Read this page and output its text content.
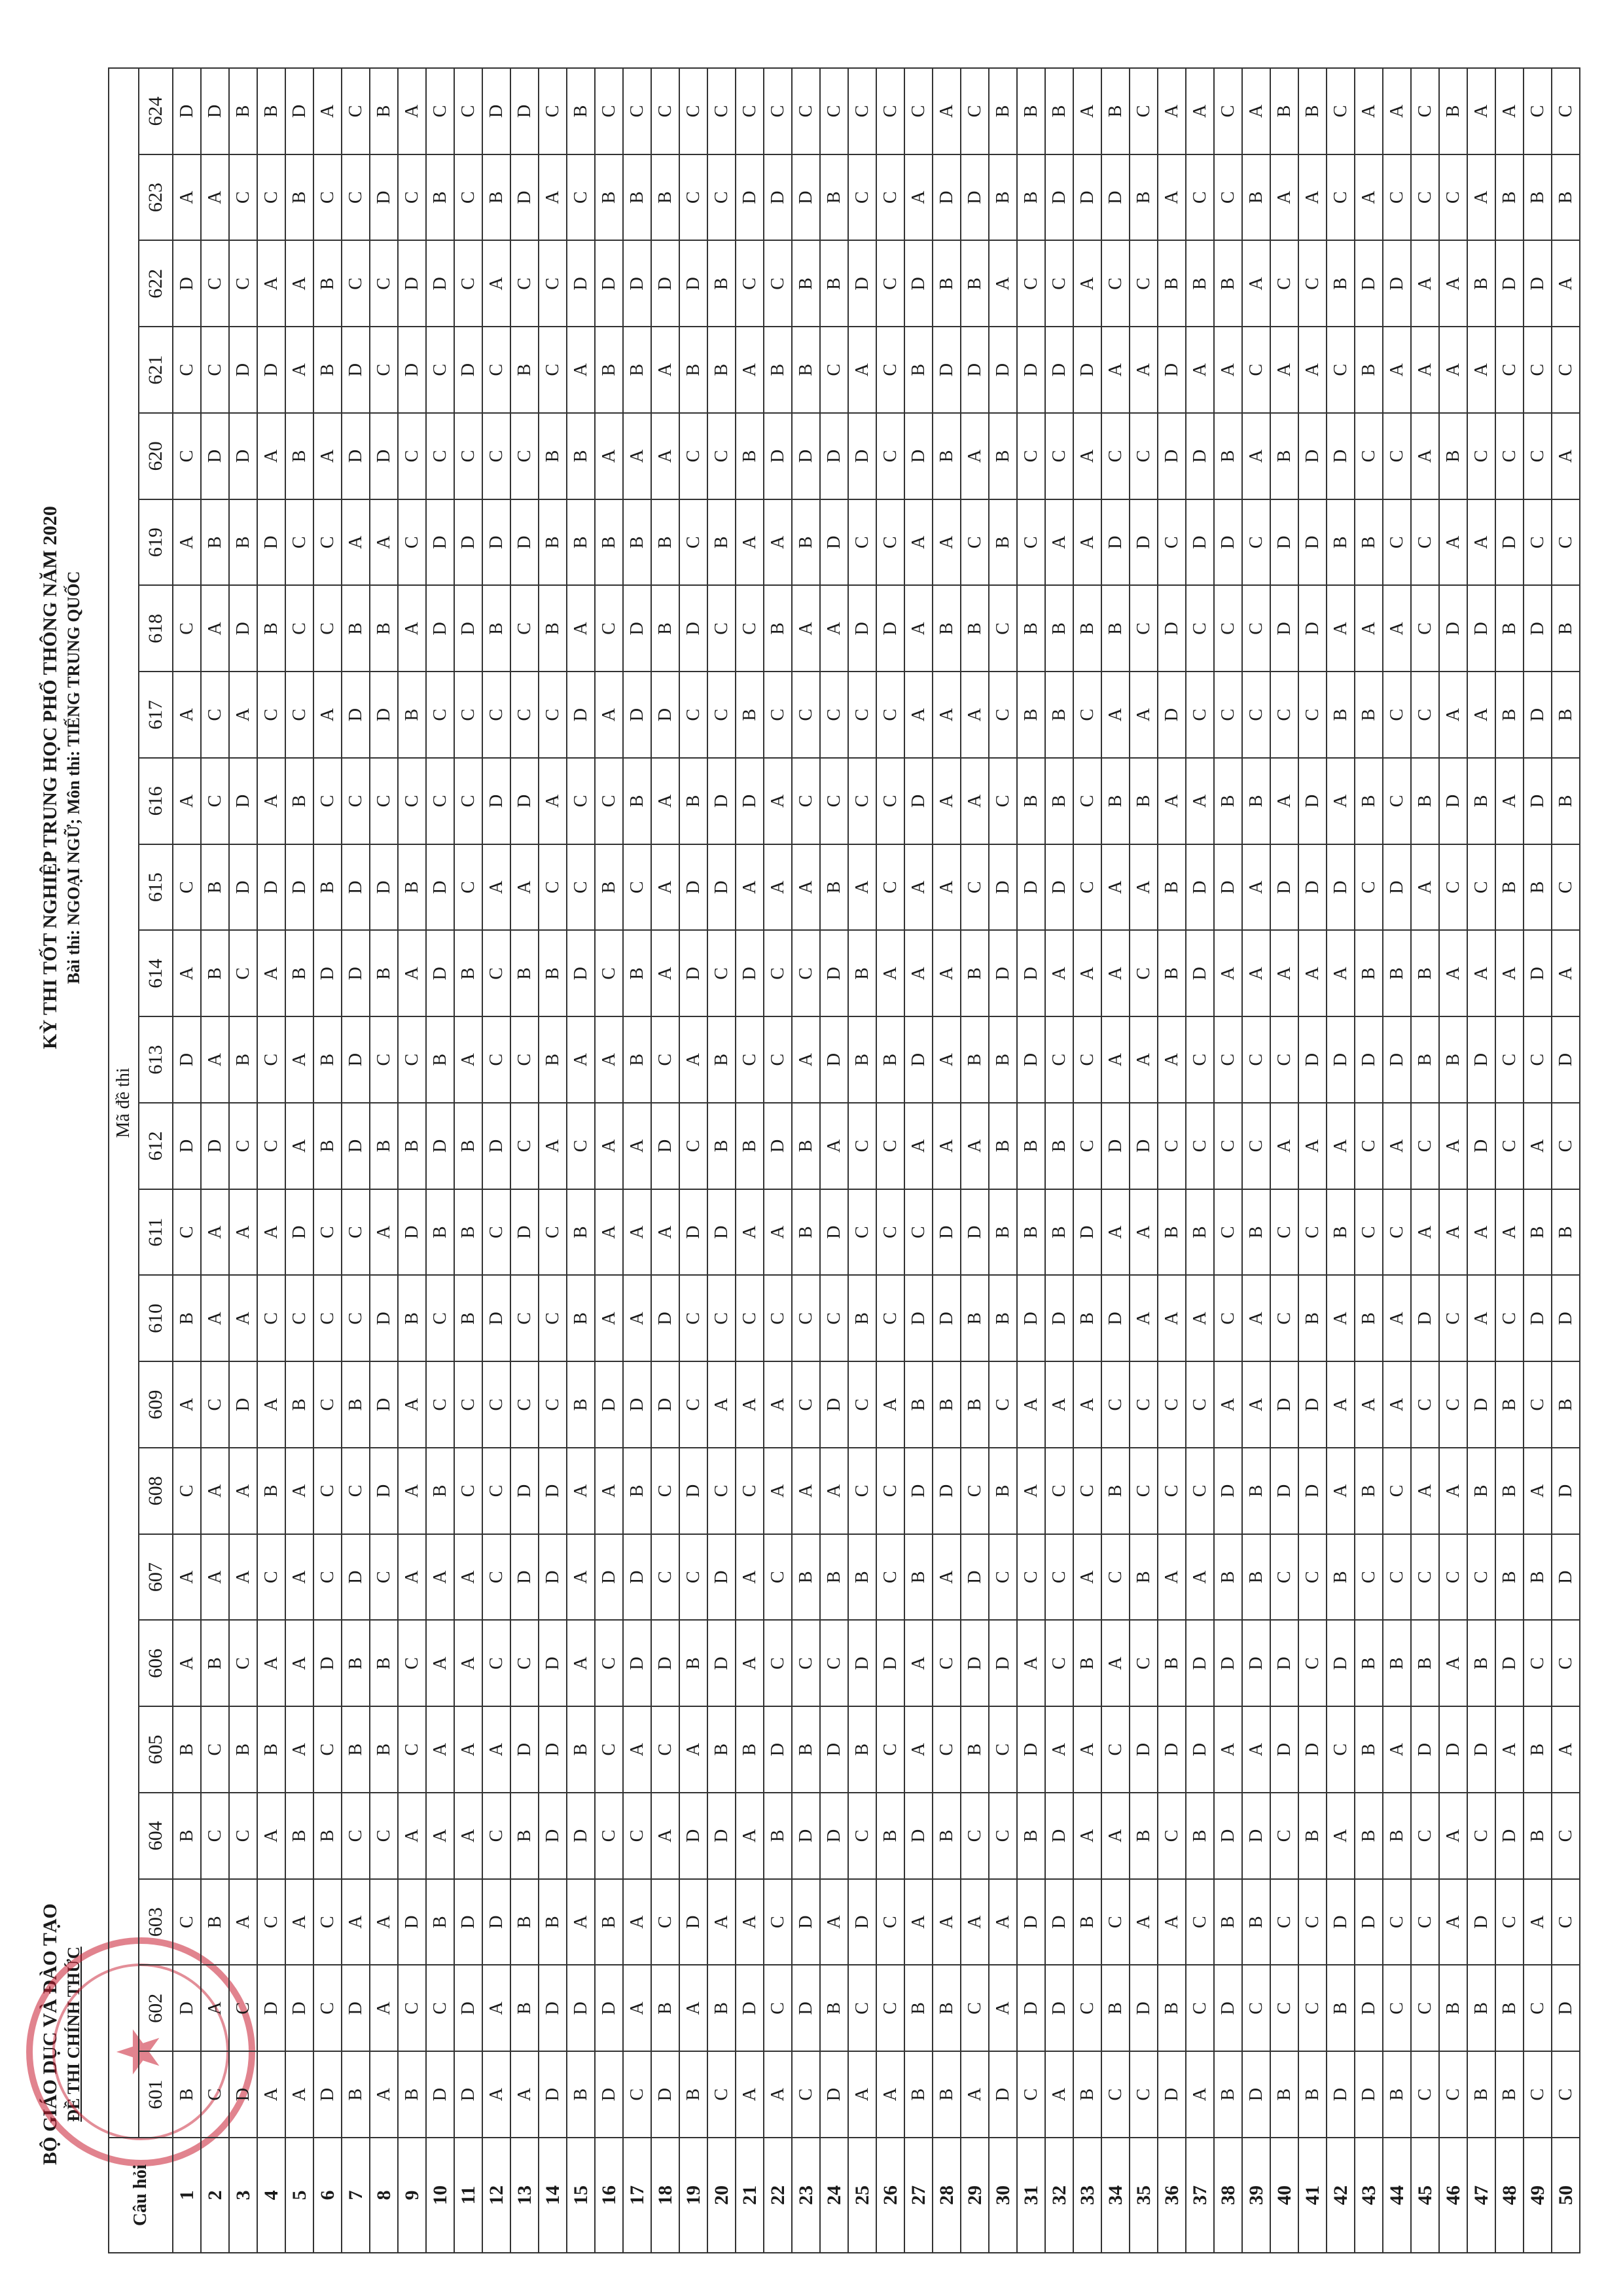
BỘ GIÁO DỤC VÀ ĐÀO TẠO ĐỀ THI CHÍNH THỨC
★
KỲ THI TỐT NGHIỆP TRUNG HỌC PHỔ THÔNG NĂM 2020 Bài thi: NGOẠI NGỮ; Môn thi: TIẾNG TRUNG QUỐC
Câu hỏi	Mã đề thi																							
	601	602	603	604	605	606	607	608	609	610	611	612	613	614	615	616	617	618	619	620	621	622	623	624
1	B	D	C	B	B	A	A	C	A	B	C	D	D	A	C	A	A	C	A	C	C	D	A	D
2	C	A	B	C	C	B	A	A	C	A	A	D	A	B	B	C	C	A	B	D	C	C	A	D
3	D	C	A	C	B	C	A	A	D	A	A	C	B	C	D	D	A	D	B	D	D	C	C	B
4	A	D	C	A	B	A	C	B	A	C	A	C	C	A	D	A	C	B	D	A	D	A	C	B
5	A	D	A	B	A	A	A	A	B	C	D	A	A	B	D	B	C	C	C	B	A	A	B	D
6	D	C	C	B	C	D	C	C	C	C	C	B	B	D	B	C	A	C	C	A	B	B	C	A
7	B	D	A	C	B	B	D	C	B	C	C	D	D	D	D	C	D	B	A	D	D	C	C	C
8	A	A	A	C	B	B	C	D	D	D	A	B	C	B	D	C	D	B	A	D	C	C	D	B
9	B	C	D	A	C	C	A	A	A	B	D	B	C	A	B	C	B	A	C	C	D	D	C	A
10	D	C	B	A	A	A	A	B	C	C	B	D	B	D	D	C	C	D	D	C	C	D	B	C
11	D	D	D	A	A	A	A	C	C	B	B	B	A	B	C	C	C	D	D	C	D	C	C	C
12	A	A	D	C	A	C	C	C	C	D	C	D	C	C	A	D	C	B	D	C	C	A	B	D
13	A	B	B	B	D	C	D	D	C	C	D	C	C	B	A	D	C	C	D	C	B	C	D	D
14	D	D	B	D	D	D	D	D	C	C	C	A	B	B	C	A	C	B	B	B	C	C	A	C
15	B	D	A	D	B	A	A	A	B	B	B	C	A	D	C	C	D	A	B	B	A	D	C	B
16	D	D	B	C	C	C	D	A	D	A	A	A	A	C	B	C	A	C	B	A	B	D	B	C
17	C	A	A	C	A	D	D	B	D	A	A	A	B	B	C	B	D	D	B	A	B	D	B	C
18	D	B	C	A	C	D	C	C	D	D	A	D	C	A	A	A	D	B	B	A	A	D	B	C
19	B	A	D	D	A	B	C	D	C	C	D	C	A	D	D	B	C	D	C	C	B	D	C	C
20	C	B	A	D	B	D	D	C	A	C	D	B	B	C	D	D	C	C	B	C	B	B	C	C
21	A	D	A	A	B	A	A	C	A	C	A	B	C	D	A	D	B	C	A	B	A	C	D	C
22	A	C	C	B	D	C	C	A	A	C	A	D	C	C	A	A	C	B	A	D	B	C	D	C
23	C	D	D	D	B	C	B	A	C	C	B	B	A	C	A	C	C	A	B	D	B	B	D	C
24	D	B	A	D	D	C	B	A	D	C	D	A	D	D	B	C	C	A	D	D	C	B	B	C
25	A	C	D	C	B	D	B	C	C	B	C	C	B	B	A	C	C	D	C	D	A	D	C	C
26	A	C	C	B	C	D	C	C	A	C	C	C	B	A	C	C	C	D	C	C	C	C	C	C
27	B	B	A	D	A	A	B	D	B	D	C	A	D	A	A	D	A	A	A	D	B	D	A	C
28	B	B	A	B	C	C	A	D	B	D	D	A	A	A	A	A	A	B	A	B	D	B	D	A
29	A	C	A	C	B	D	D	C	B	B	D	A	B	B	C	A	A	B	C	A	D	B	D	C
30	D	A	A	C	C	D	C	B	C	B	B	B	B	D	D	C	C	C	B	B	D	A	B	B
31	C	D	D	B	D	A	C	A	A	D	B	B	D	D	D	B	B	B	C	C	D	C	B	B
32	A	D	D	D	A	C	C	C	A	D	B	B	C	A	D	B	B	B	A	C	D	C	D	B
33	B	C	B	A	A	B	A	C	A	B	D	C	C	A	C	C	C	B	A	A	D	A	D	A
34	C	B	C	A	C	A	C	B	C	D	A	D	A	A	A	B	A	B	D	C	A	C	D	B
35	C	D	A	B	D	C	B	C	C	A	A	D	A	C	A	B	A	C	D	C	A	C	B	C
36	D	B	A	C	D	B	A	C	C	A	B	C	A	B	B	A	D	D	C	D	D	B	A	A
37	A	C	C	B	D	D	A	C	C	A	B	C	C	D	D	A	C	C	D	D	A	B	C	A
38	B	D	B	D	A	D	B	D	A	C	C	C	C	A	D	B	C	C	D	B	A	B	C	C
39	D	C	B	D	A	D	B	B	A	A	B	C	C	A	A	B	C	C	C	A	C	A	B	A
40	B	C	C	C	D	D	C	D	D	C	C	A	C	A	D	A	C	D	D	B	A	C	A	B
41	B	C	C	B	D	C	C	D	D	B	C	A	D	A	D	D	C	D	D	D	A	C	A	B
42	D	B	D	A	C	D	B	A	A	A	B	A	D	A	D	A	B	A	B	D	C	B	C	C
43	D	D	D	B	B	B	C	B	A	B	C	C	D	B	C	B	B	A	B	C	B	D	A	A
44	B	C	C	B	A	B	C	C	A	A	C	A	D	B	D	C	C	A	C	C	A	D	C	A
45	C	C	C	C	D	B	C	A	C	D	A	C	B	B	A	B	C	C	C	A	A	A	C	C
46	C	B	A	A	D	A	C	A	C	C	A	A	B	A	C	D	A	D	A	B	A	A	C	B
47	B	B	D	C	D	B	C	B	D	A	A	D	D	A	C	B	A	D	A	C	A	B	A	A
48	B	B	C	D	A	D	B	B	B	C	A	C	C	A	B	A	B	B	D	C	C	D	B	A
49	C	C	A	B	B	C	B	A	C	D	B	A	C	D	B	D	D	D	C	C	C	D	B	C
50	C	D	C	C	A	C	D	D	B	D	B	C	D	A	C	B	B	B	C	A	C	A	B	C
